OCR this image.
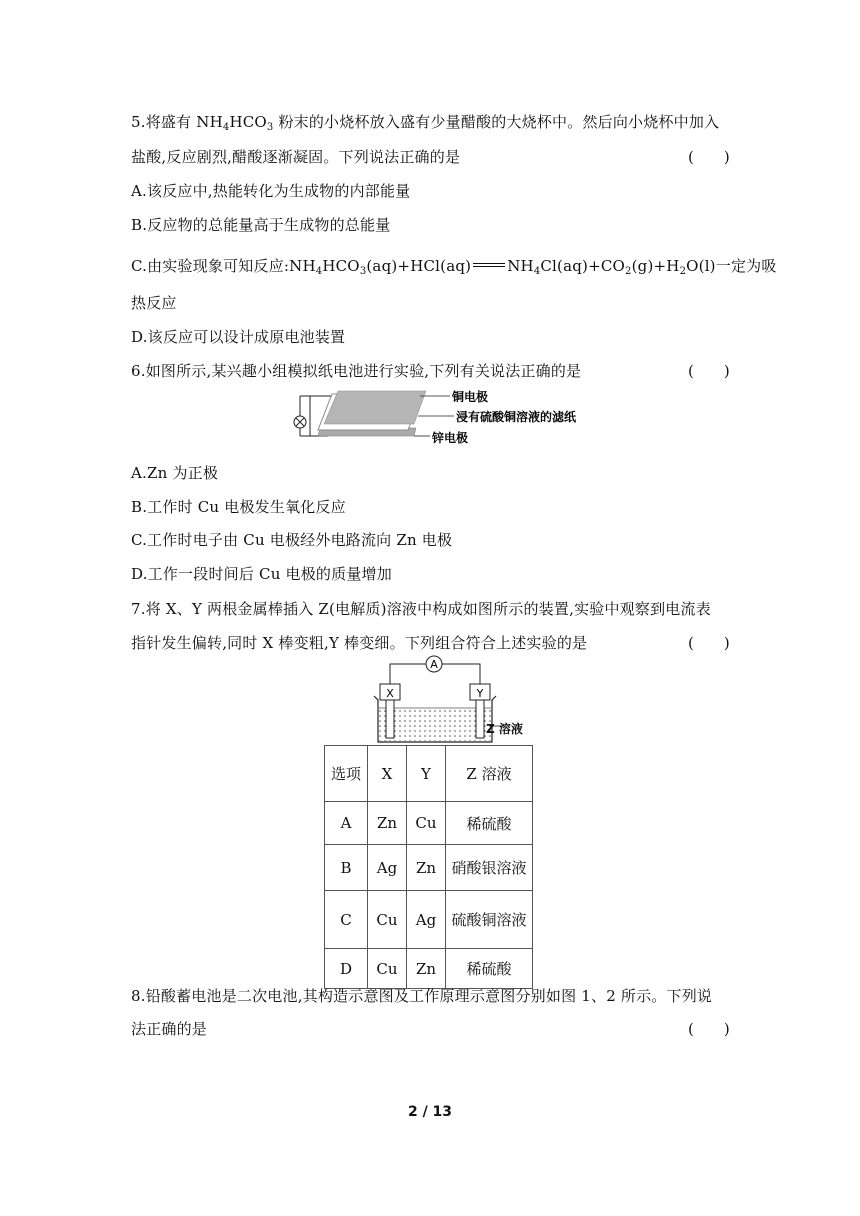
5.将盛有 $NH_4HCO_3$ 粉末的小烧杯放入盛有少量醋酸的大烧杯中。然后向小烧杯中加入
盐酸,反应剧烈,醋酸逐渐凝固。下列说法正确的是	(　　)
A.该反应中,热能转化为生成物的内部能量
B.反应物的总能量高于生成物的总能量
C.由实验现象可知反应$:NH_4HCO_3(aq)+HCl(aq)$ $NH_4Cl(aq)+CO_2(g)+H_2O(l)$一定为吸
热反应
D.该反应可以设计成原电池装置
6.如图所示,某兴趣小组模拟纸电池进行实验,下列有关说法正确的是	(　　)
铜电极
浸有硫酸铜溶液的滤纸
锌电极
A.Zn 为正极
B.工作时 Cu 电极发生氧化反应
C.工作时电子由 Cu 电极经外电路流向 Zn 电极
D.工作一段时间后 Cu 电极的质量增加
7.将 X、Y 两根金属棒插入 Z(电解质)溶液中构成如图所示的装置,实验中观察到电流表
指针发生偏转,同时 X 棒变粗,Y 棒变细。下列组合符合上述实验的是	(　　)
A
X	Y
Z 溶液
选项	X	Y	Z 溶液
A	Zn	Cu	稀硫酸
B	Ag	Zn	硝酸银溶液
C	Cu	Ag	硫酸铜溶液
D	Cu	Zn	稀硫酸
8.铅酸蓄电池是二次电池,其构造示意图及工作原理示意图分别如图 1、2 所示。下列说
法正确的是	(　　)
2 / 13
